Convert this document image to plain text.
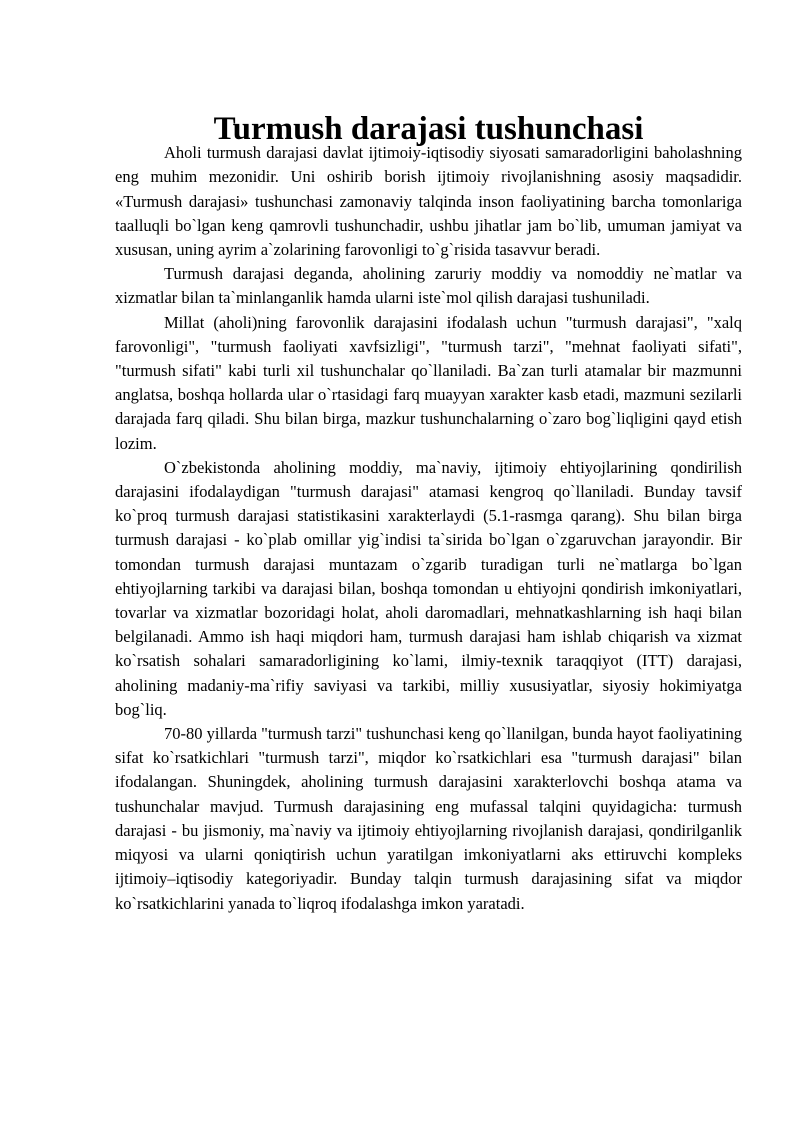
Turmush darajasi tushunchasi

Aholi turmush darajasi davlat ijtimoiy-iqtisodiy siyosati samaradorligini baholashning eng muhim mezonidir. Uni oshirib borish ijtimoiy rivojlanishning asosiy maqsadidir. «Turmush darajasi» tushunchasi zamonaviy talqinda inson faoliyatining barcha tomonlariga taalluqli bo`lgan keng qamrovli tushunchadir, ushbu jihatlar jam bo`lib, umuman jamiyat va xususan, uning ayrim a`zolarining farovonligi to`g`risida tasavvur beradi.

Turmush darajasi deganda, aholining zaruriy moddiy va nomoddiy ne`matlar va xizmatlar bilan ta`minlanganlik hamda ularni iste`mol qilish darajasi tushuniladi.

Millat (aholi)ning farovonlik darajasini ifodalash uchun "turmush darajasi", "xalq farovonligi", "turmush faoliyati xavfsizligi", "turmush tarzi", "mehnat faoliyati sifati", "turmush sifati" kabi turli xil tushunchalar qo`llaniladi. Ba`zan turli atamalar bir mazmunni anglatsa, boshqa hollarda ular o`rtasidagi farq muayyan xarakter kasb etadi, mazmuni sezilarli darajada farq qiladi. Shu bilan birga, mazkur tushunchalarning o`zaro bog`liqligini qayd etish lozim.

O`zbekistonda aholining moddiy, ma`naviy, ijtimoiy ehtiyojlarining qondirilish darajasini ifodalaydigan "turmush darajasi" atamasi kengroq qo`llaniladi. Bunday tavsif ko`proq turmush darajasi statistikasini xarakterlaydi (5.1-rasmga qarang). Shu bilan birga turmush darajasi - ko`plab omillar yig`indisi ta`sirida bo`lgan o`zgaruvchan jarayondir. Bir tomondan turmush darajasi muntazam o`zgarib turadigan turli ne`matlarga bo`lgan ehtiyojlarning tarkibi va darajasi bilan, boshqa tomondan u ehtiyojni qondirish imkoniyatlari, tovarlar va xizmatlar bozoridagi holat, aholi daromadlari, mehnatkashlarning ish haqi bilan belgilanadi. Ammo ish haqi miqdori ham, turmush darajasi ham ishlab chiqarish va xizmat ko`rsatish sohalari samaradorligining ko`lami, ilmiy-texnik taraqqiyot (ITT) darajasi, aholining madaniy-ma`rifiy saviyasi va tarkibi, milliy xususiyatlar, siyosiy hokimiyatga bog`liq.

70-80 yillarda "turmush tarzi" tushunchasi keng qo`llanilgan, bunda hayot faoliyatining sifat ko`rsatkichlari "turmush tarzi", miqdor ko`rsatkichlari esa "turmush darajasi" bilan ifodalangan. Shuningdek, aholining turmush darajasini xarakterlovchi boshqa atama va tushunchalar mavjud. Turmush darajasining eng mufassal talqini quyidagicha: turmush darajasi - bu jismoniy, ma`naviy va ijtimoiy ehtiyojlarning rivojlanish darajasi, qondirilganlik miqyosi va ularni qoniqtirish uchun yaratilgan imkoniyatlarni aks ettiruvchi kompleks ijtimoiy–iqtisodiy kategoriyadir. Bunday talqin turmush darajasining sifat va miqdor ko`rsatkichlarini yanada to`liqroq ifodalashga imkon yaratadi.
